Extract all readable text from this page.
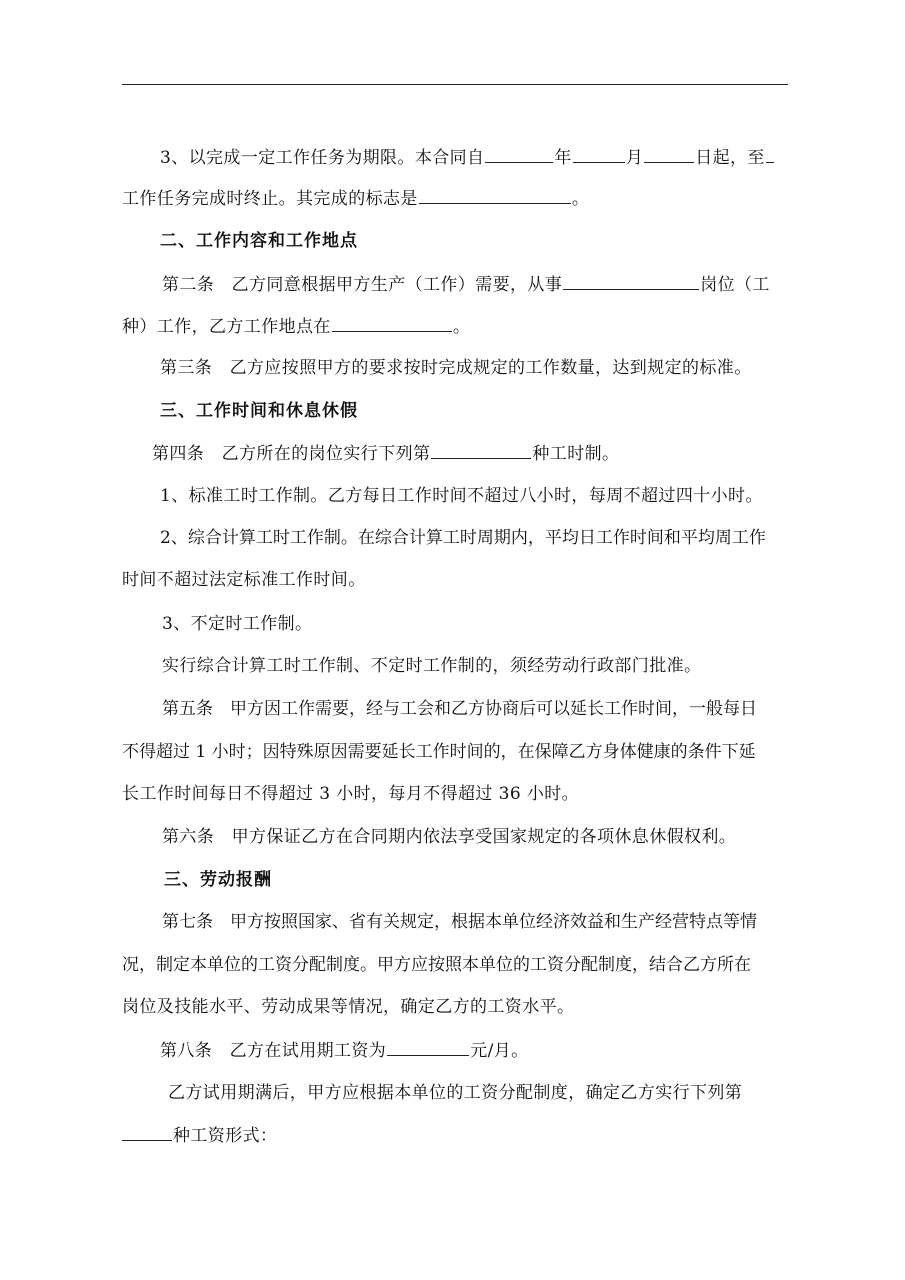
3、以完成一定工作任务为期限。本合同自	年	月	日起，至
工作任务完成时终止。其完成的标志是	。
二、工作内容和工作地点
第二条　乙方同意根据甲方生产（工作）需要，从事	岗位（工
种）工作，乙方工作地点在	。
第三条　乙方应按照甲方的要求按时完成规定的工作数量，达到规定的标准。
三、工作时间和休息休假
第四条　乙方所在的岗位实行下列第	种工时制。
1、标准工时工作制。乙方每日工作时间不超过八小时，每周不超过四十小时。
2、综合计算工时工作制。在综合计算工时周期内，平均日工作时间和平均周工作
时间不超过法定标准工作时间。
3、不定时工作制。
实行综合计算工时工作制、不定时工作制的，须经劳动行政部门批准。
第五条　甲方因工作需要，经与工会和乙方协商后可以延长工作时间，一般每日
不得超过 1 小时；因特殊原因需要延长工作时间的，在保障乙方身体健康的条件下延
长工作时间每日不得超过 3 小时，每月不得超过 36 小时。
第六条　甲方保证乙方在合同期内依法享受国家规定的各项休息休假权利。
三、劳动报酬
第七条　甲方按照国家、省有关规定，根据本单位经济效益和生产经营特点等情
况，制定本单位的工资分配制度。甲方应按照本单位的工资分配制度，结合乙方所在
岗位及技能水平、劳动成果等情况，确定乙方的工资水平。
第八条　乙方在试用期工资为	元/月。
乙方试用期满后，甲方应根据本单位的工资分配制度，确定乙方实行下列第
种工资形式：
